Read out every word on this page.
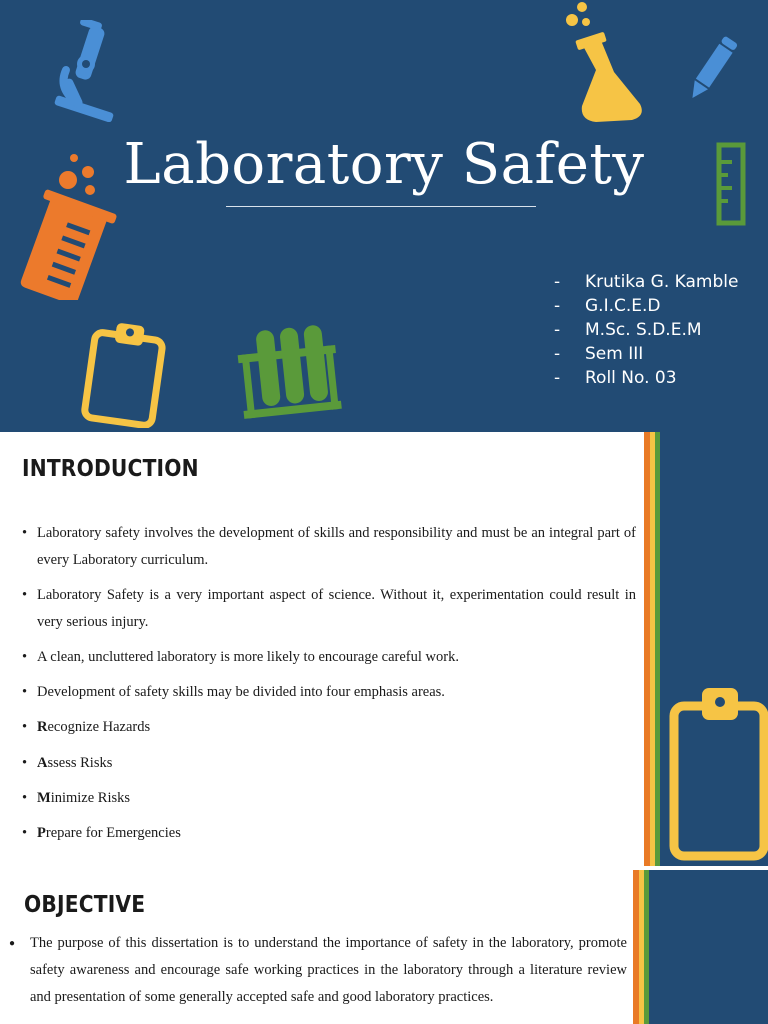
Laboratory Safety
- Krutika G. Kamble
- G.I.C.E.D
- M.Sc. S.D.E.M
- Sem III
- Roll No. 03
INTRODUCTION
• Laboratory safety involves the development of skills and responsibility and must be an integral part of every Laboratory curriculum.
• Laboratory Safety is a very important aspect of science. Without it, experimentation could result in very serious injury.
• A clean, uncluttered laboratory is more likely to encourage careful work.
• Development of safety skills may be divided into four emphasis areas.
• Recognize Hazards
• Assess Risks
• Minimize Risks
• Prepare for Emergencies
OBJECTIVE
● The purpose of this dissertation is to understand the importance of safety in the laboratory, promote safety awareness and encourage safe working practices in the laboratory through a literature review and presentation of some generally accepted safe and good laboratory practices.
